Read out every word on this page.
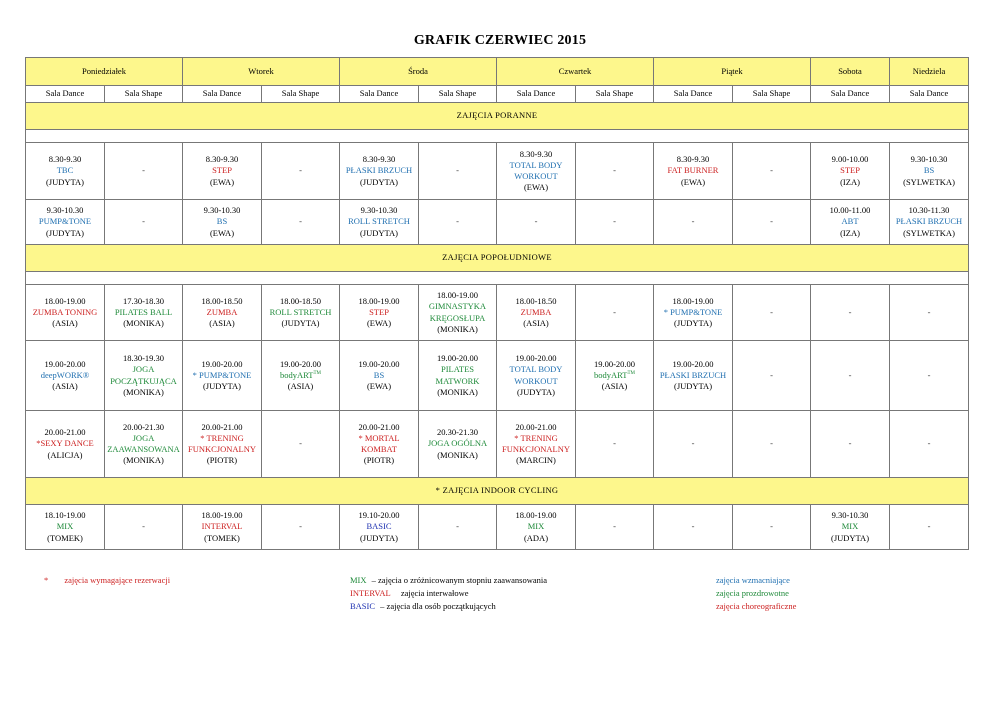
GRAFIK CZERWIEC 2015
Poniedziałek		Wtorek		Środa		Czwartek		Piątek		Sobota	Niedziela
Sala Dance	Sala Shape	Sala Dance	Sala Shape	Sala Dance	Sala Shape	Sala Dance	Sala Shape	Sala Dance	Sala Shape	Sala Dance	Sala Dance
ZAJĘCIA PORANNE											

8.30-9.30
TBC
(JUDYTA)	-	8.30-9.30
STEP
(EWA)	-	8.30-9.30
PŁASKI BRZUCH
(JUDYTA)	-	8.30-9.30
TOTAL BODY WORKOUT
(EWA)	-	8.30-9.30
FAT BURNER
(EWA)	-	9.00-10.00
STEP
(IZA)	9.30-10.30
BS
(SYLWETKA)

9.30-10.30
PUMP&TONE
(JUDYTA)	-	9.30-10.30
BS
(EWA)	-	9.30-10.30
ROLL STRETCH
(JUDYTA)	-	-	-	-	-	10.00-11.00
ABT
(IZA)	10.30-11.30
PŁASKI BRZUCH
(SYLWETKA)

ZAJĘCIA POPOŁUDNIOWE											

18.00-19.00
ZUMBA TONING
(ASIA)	17.30-18.30
PILATES BALL
(MONIKA)	18.00-18.50
ZUMBA
(ASIA)	18.00-18.50
ROLL STRETCH
(JUDYTA)	18.00-19.00
STEP
(EWA)	18.00-19.00
GIMNASTYKA KRĘGOSŁUPA
(MONIKA)	18.00-18.50
ZUMBA
(ASIA)	-	18.00-19.00
* PUMP&TONE
(JUDYTA)	-	-	-

19.00-20.00
deepWORK®
(ASIA)	18.30-19.30
JOGA POCZĄTKUJĄCA
(MONIKA)	19.00-20.00
* PUMP&TONE
(JUDYTA)	19.00-20.00
bodyART™
(ASIA)	19.00-20.00
BS
(EWA)	19.00-20.00
PILATES MATWORK
(MONIKA)	19.00-20.00
TOTAL BODY WORKOUT
(JUDYTA)	19.00-20.00
bodyART™
(ASIA)	19.00-20.00
PŁASKI BRZUCH
(JUDYTA)	-	-	-

20.00-21.00
*SEXY DANCE
(ALICJA)	20.00-21.30
JOGA ZAAWANSOWANA
(MONIKA)	20.00-21.00
* TRENING FUNKCJONALNY
(PIOTR)	-	20.00-21.00
* MORTAL KOMBAT
(PIOTR)	20.30-21.30
JOGA OGÓLNA
(MONIKA)	20.00-21.00
* TRENING FUNKCJONALNY
(MARCIN)	-	-	-	-	-

* ZAJĘCIA INDOOR CYCLING											

18.10-19.00
MIX
(TOMEK)	-	18.00-19.00
INTERVAL
(TOMEK)	-	19.10-20.00
BASIC
(JUDYTA)	-	18.00-19.00
MIX
(ADA)	-	-	-	9.30-10.30
MIX
(JUDYTA)	-
* zajęcia wymagające rezerwacji	MIX – zajęcia o zróżnicowanym stopniu zaawansowania
INTERVAL zajęcia interwałowe
BASIC – zajęcia dla osób początkujących
zajęcia wzmacniające
zajęcia prozdrowotne
zajęcia choreograficzne
